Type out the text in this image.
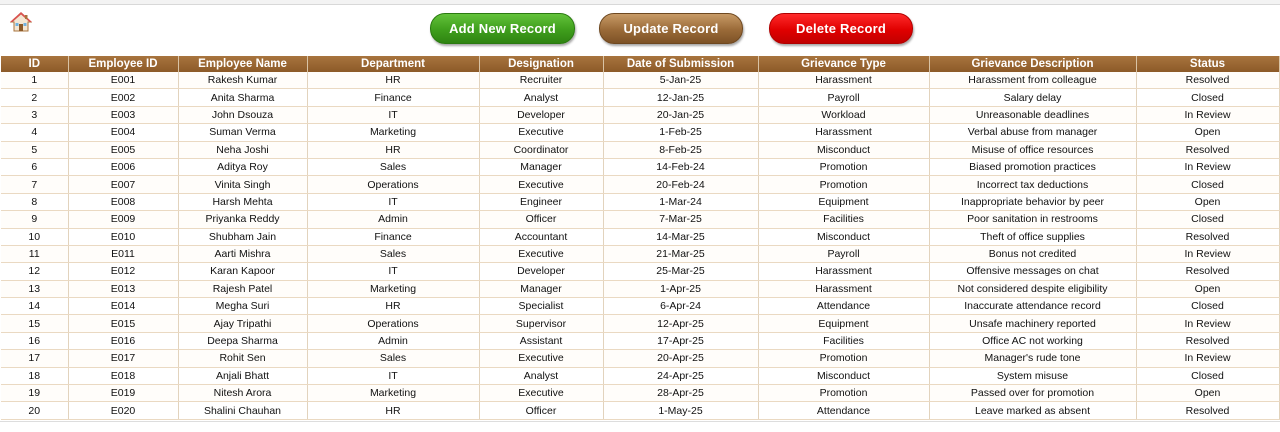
Add New Record	Update Record	Delete Record
ID	Employee ID	Employee Name	Department	Designation	Date of Submission	Grievance Type	Grievance Description	Status
1	E001	Rakesh Kumar	HR	Recruiter	5-Jan-25	Harassment	Harassment from colleague	Resolved
2	E002	Anita Sharma	Finance	Analyst	12-Jan-25	Payroll	Salary delay	Closed
3	E003	John Dsouza	IT	Developer	20-Jan-25	Workload	Unreasonable deadlines	In Review
4	E004	Suman Verma	Marketing	Executive	1-Feb-25	Harassment	Verbal abuse from manager	Open
5	E005	Neha Joshi	HR	Coordinator	8-Feb-25	Misconduct	Misuse of office resources	Resolved
6	E006	Aditya Roy	Sales	Manager	14-Feb-24	Promotion	Biased promotion practices	In Review
7	E007	Vinita Singh	Operations	Executive	20-Feb-24	Promotion	Incorrect tax deductions	Closed
8	E008	Harsh Mehta	IT	Engineer	1-Mar-24	Equipment	Inappropriate behavior by peer	Open
9	E009	Priyanka Reddy	Admin	Officer	7-Mar-25	Facilities	Poor sanitation in restrooms	Closed
10	E010	Shubham Jain	Finance	Accountant	14-Mar-25	Misconduct	Theft of office supplies	Resolved
11	E011	Aarti Mishra	Sales	Executive	21-Mar-25	Payroll	Bonus not credited	In Review
12	E012	Karan Kapoor	IT	Developer	25-Mar-25	Harassment	Offensive messages on chat	Resolved
13	E013	Rajesh Patel	Marketing	Manager	1-Apr-25	Harassment	Not considered despite eligibility	Open
14	E014	Megha Suri	HR	Specialist	6-Apr-24	Attendance	Inaccurate attendance record	Closed
15	E015	Ajay Tripathi	Operations	Supervisor	12-Apr-25	Equipment	Unsafe machinery reported	In Review
16	E016	Deepa Sharma	Admin	Assistant	17-Apr-25	Facilities	Office AC not working	Resolved
17	E017	Rohit Sen	Sales	Executive	20-Apr-25	Promotion	Manager's rude tone	In Review
18	E018	Anjali Bhatt	IT	Analyst	24-Apr-25	Misconduct	System misuse	Closed
19	E019	Nitesh Arora	Marketing	Executive	28-Apr-25	Promotion	Passed over for promotion	Open
20	E020	Shalini Chauhan	HR	Officer	1-May-25	Attendance	Leave marked as absent	Resolved
